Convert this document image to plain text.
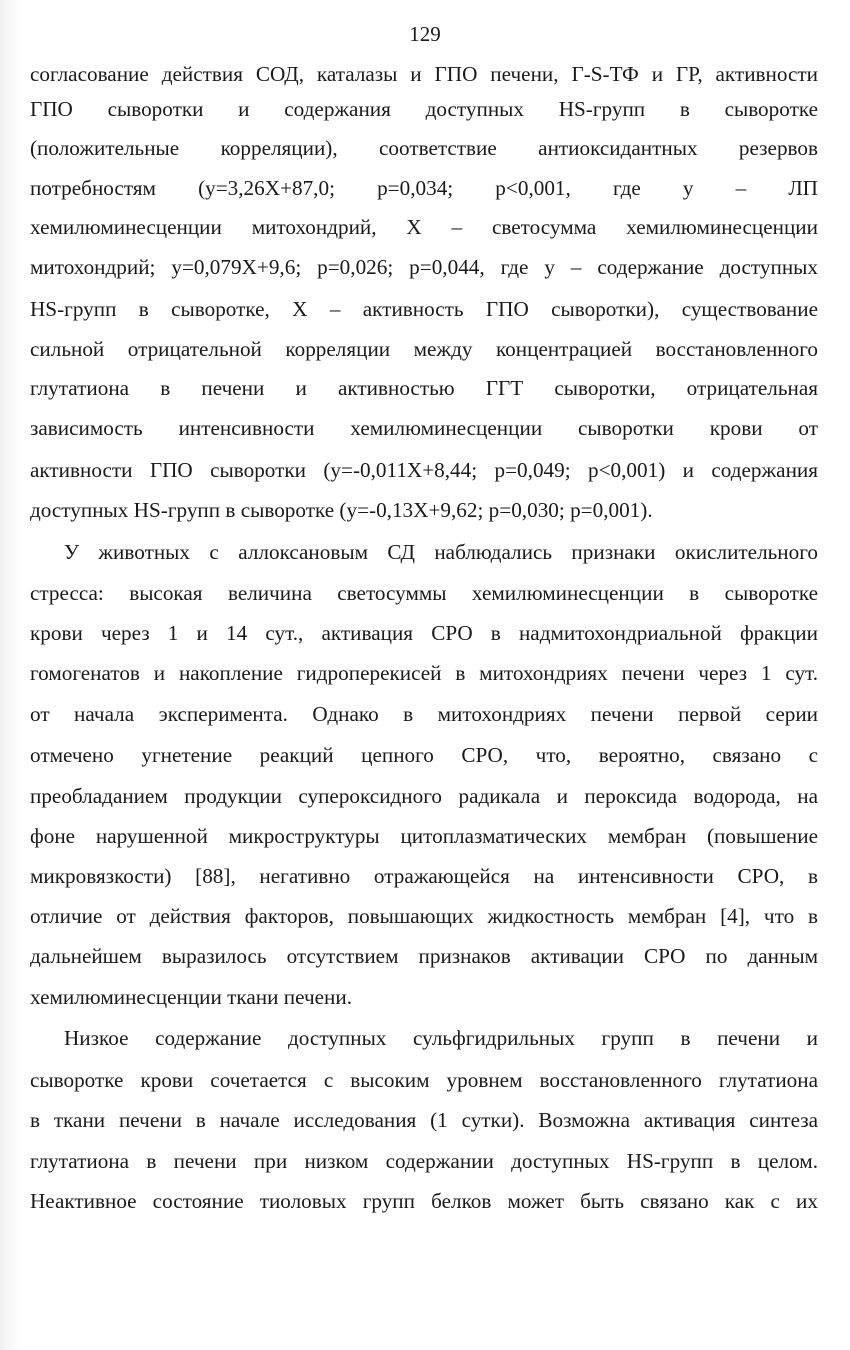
129
согласование действия СОД, каталазы и ГПО печени, Г-S-ТФ и ГР, активности
ГПО сыворотки и содержания доступных HS-групп в сыворотке
(положительные корреляции), соответствие антиоксидантных резервов
потребностям (y=3,26X+87,0; p=0,034; p<0,001, где y – ЛП
хемилюминесценции митохондрий, Х – светосумма хемилюминесценции
митохондрий; y=0,079X+9,6; p=0,026; p=0,044, где y – содержание доступных
HS-групп в сыворотке, Х – активность ГПО сыворотки), существование
сильной отрицательной корреляции между концентрацией восстановленного
глутатиона в печени и активностью ГГТ сыворотки, отрицательная
зависимость интенсивности хемилюминесценции сыворотки крови от
активности ГПО сыворотки (y=-0,011X+8,44; p=0,049; p<0,001) и содержания
доступных HS-групп в сыворотке (y=-0,13X+9,62; p=0,030; p=0,001).
У животных с аллоксановым СД наблюдались признаки окислительного
стресса: высокая величина светосуммы хемилюминесценции в сыворотке
крови через 1 и 14 сут., активация СРО в надмитохондриальной фракции
гомогенатов и накопление гидроперекисей в митохондриях печени через 1 сут.
от начала эксперимента. Однако в митохондриях печени первой серии
отмечено угнетение реакций цепного СРО, что, вероятно, связано с
преобладанием продукции супероксидного радикала и пероксида водорода, на
фоне нарушенной микроструктуры цитоплазматических мембран (повышение
микровязкости) [88], негативно отражающейся на интенсивности СРО, в
отличие от действия факторов, повышающих жидкостность мембран [4], что в
дальнейшем выразилось отсутствием признаков активации СРО по данным
хемилюминесценции ткани печени.
Низкое содержание доступных сульфгидрильных групп в печени и
сыворотке крови сочетается с высоким уровнем восстановленного глутатиона
в ткани печени в начале исследования (1 сутки). Возможна активация синтеза
глутатиона в печени при низком содержании доступных HS-групп в целом.
Неактивное состояние тиоловых групп белков может быть связано как с их
